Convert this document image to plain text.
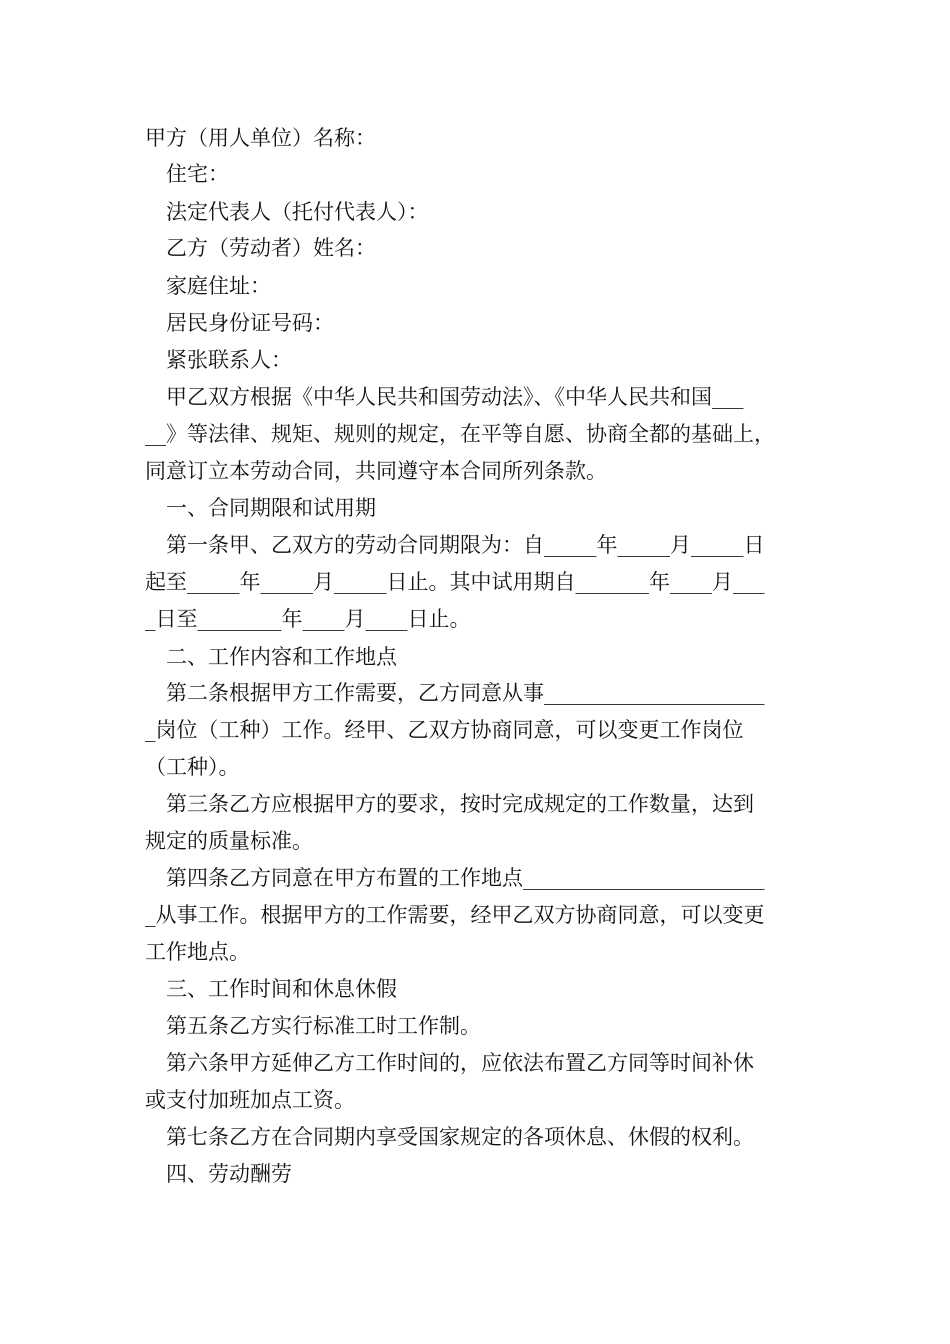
甲方（用人单位）名称：
　住宅：
　法定代表人（托付代表人）：
　乙方（劳动者）姓名：
　家庭住址：
　居民身份证号码：
　紧张联系人：
　甲乙双方根据《中华人民共和国劳动法》、《中华人民共和国___
__》等法律、规矩、规则的规定，在平等自愿、协商全都的基础上，
同意订立本劳动合同，共同遵守本合同所列条款。
　一、合同期限和试用期
　第一条甲、乙双方的劳动合同期限为：自_____年_____月_____日
起至_____年_____月_____日止。其中试用期自_______年____月___
_日至________年____月____日止。
　二、工作内容和工作地点
　第二条根据甲方工作需要，乙方同意从事_____________________
_岗位（工种）工作。经甲、乙双方协商同意，可以变更工作岗位
（工种）。
　第三条乙方应根据甲方的要求，按时完成规定的工作数量，达到
规定的质量标准。
　第四条乙方同意在甲方布置的工作地点_______________________
_从事工作。根据甲方的工作需要，经甲乙双方协商同意，可以变更
工作地点。
　三、工作时间和休息休假
　第五条乙方实行标准工时工作制。
　第六条甲方延伸乙方工作时间的，应依法布置乙方同等时间补休
或支付加班加点工资。
　第七条乙方在合同期内享受国家规定的各项休息、休假的权利。
　四、劳动酬劳
